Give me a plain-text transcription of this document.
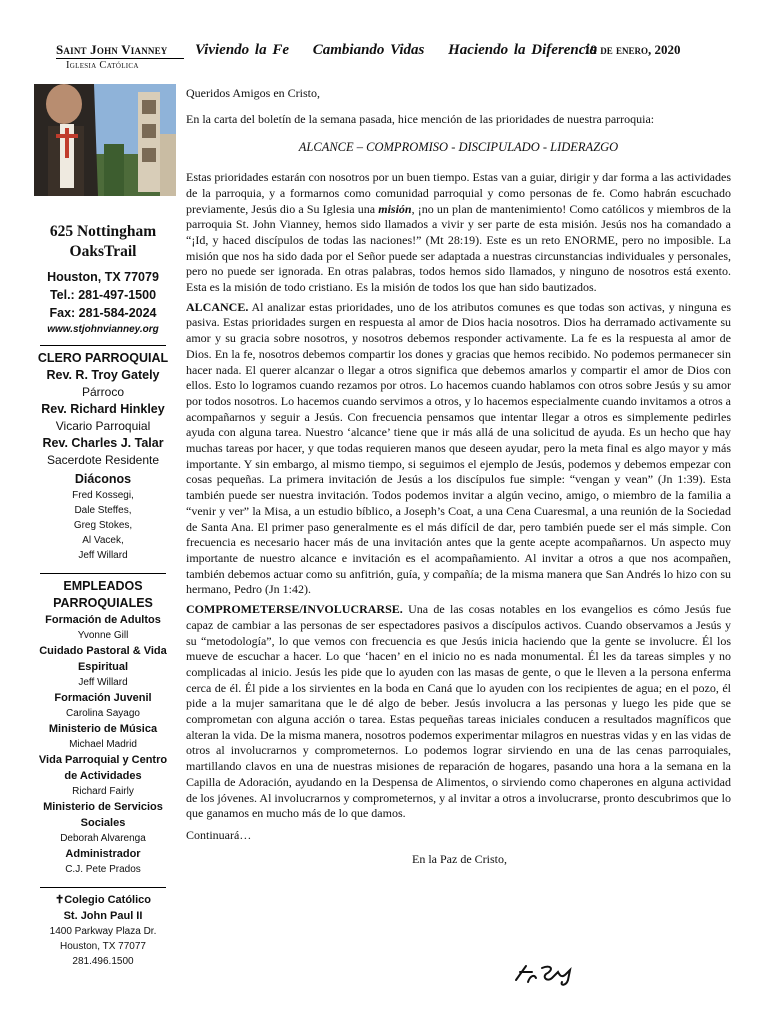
Saint John Vianney
Iglesia Católica
Viviendo la Fe Cambiando Vidas Haciendo la Diferencia
19 de enero, 2020
625 Nottingham
OaksTrail
Houston, TX 77079
Tel.: 281-497-1500
Fax: 281-584-2024
www.stjohnvianney.org
CLERO PARROQUIAL
Rev. R. Troy Gately
Párroco
Rev. Richard Hinkley
Vicario Parroquial
Rev. Charles J. Talar
Sacerdote Residente
Diáconos
Fred Kossegi,
Dale Steffes,
Greg Stokes,
Al Vacek,
Jeff Willard
EMPLEADOS
PARROQUIALES
Formación de Adultos
Yvonne Gill
Cuidado Pastoral & Vida Espiritual
Jeff Willard
Formación Juvenil
Carolina Sayago
Ministerio de Música
Michael Madrid
Vida Parroquial y Centro de Actividades
Richard Fairly
Ministerio de Servicios Sociales
Deborah Alvarenga
Administrador
C.J. Pete Prados
✝Colegio Católico
St. John Paul II
1400 Parkway Plaza Dr.
Houston, TX 77077
281.496.1500

Queridos Amigos en Cristo,

En la carta del boletín de la semana pasada, hice mención de las prioridades de nuestra parroquia:

ALCANCE – COMPROMISO - DISCIPULADO - LIDERAZGO

Estas prioridades estarán con nosotros por un buen tiempo. Estas van a guiar, dirigir y dar forma a las actividades de la parroquia, y a formarnos como comunidad parroquial y como personas de fe. Como habrán escuchado previamente, Jesús dio a Su Iglesia una misión, ¡no un plan de mantenimiento! Como católicos y miembros de la parroquia St. John Vianney, hemos sido llamados a vivir y ser parte de esta misión. Jesús nos ha comandado a “¡Id, y haced discípulos de todas las naciones!” (Mt 28:19). Este es un reto ENORME, pero no imposible. La misión que nos ha sido dada por el Señor puede ser adaptada a nuestras circunstancias individuales y personales, pero no puede ser ignorada. En otras palabras, todos hemos sido llamados, y ninguno de nosotros está exento. Esta es la misión de todo cristiano. Es la misión de todos los que han sido bautizados.

ALCANCE. Al analizar estas prioridades, uno de los atributos comunes es que todas son activas, y ninguna es pasiva. Estas prioridades surgen en respuesta al amor de Dios hacia nosotros. Dios ha derramado activamente su amor y su gracia sobre nosotros, y nosotros debemos responder activamente. La fe es la respuesta al amor de Dios. En la fe, nosotros debemos compartir los dones y gracias que hemos recibido. No podemos permanecer sin hacer nada. El querer alcanzar o llegar a otros significa que debemos amarlos y compartir el amor de Dios con ellos. Esto lo logramos cuando rezamos por otros. Lo hacemos cuando hablamos con otros sobre Jesús y su amor por todos nosotros. Lo hacemos cuando servimos a otros, y lo hacemos especialmente cuando invitamos a otros a acompañarnos y seguir a Jesús. Con frecuencia pensamos que intentar llegar a otros es simplemente pedirles ayuda con alguna tarea. Nuestro ‘alcance’ tiene que ir más allá de una solicitud de ayuda. Es un hecho que hay muchas tareas por hacer, y que todas requieren manos que deseen ayudar, pero la meta final es algo mayor y más importante. Y sin embargo, al mismo tiempo, si seguimos el ejemplo de Jesús, podemos y debemos empezar con cosas pequeñas. La primera invitación de Jesús a los discípulos fue simple: “vengan y vean” (Jn 1:39). Esta también puede ser nuestra invitación. Todos podemos invitar a algún vecino, amigo, o miembro de la familia a “venir y ver” la Misa, a un estudio bíblico, a Joseph’s Coat, a una Cena Cuaresmal, a una reunión de la Sociedad de Santa Ana. El primer paso generalmente es el más difícil de dar, pero también puede ser el más simple. Con frecuencia es necesario hacer más de una invitación antes que la gente acepte acompañarnos. Un aspecto muy importante de nuestro alcance e invitación es el acompañamiento. Al invitar a otros a que nos acompañen, también debemos actuar como su anfitrión, guía, y compañía; de la misma manera que San Andrés lo hizo con su hermano, Pedro (Jn 1:42).

COMPROMETERSE/INVOLUCRARSE. Una de las cosas notables en los evangelios es cómo Jesús fue capaz de cambiar a las personas de ser espectadores pasivos a discípulos activos. Cuando observamos a Jesús y su “metodología”, lo que vemos con frecuencia es que Jesús inicia haciendo que la gente se involucre. Él los mueve de escuchar a hacer. Lo que ‘hacen’ en el inicio no es nada monumental. Él les da tareas simples y no complicadas al inicio. Jesús les pide que lo ayuden con las masas de gente, o que le lleven a la persona enferma cerca de él. Él pide a los sirvientes en la boda en Caná que lo ayuden con los recipientes de agua; en el pozo, él pide a la mujer samaritana que le dé algo de beber. Jesús involucra a las personas y luego les pide que se comprometan con alguna acción o tarea. Estas pequeñas tareas iniciales conducen a resultados magníficos que alteran la vida. De la misma manera, nosotros podemos experimentar milagros en nuestras vidas y en las vidas de otros al involucrarnos y comprometernos. Lo podemos lograr sirviendo en una de las cenas parroquiales, martillando clavos en una de nuestras misiones de reparación de hogares, pasando una hora a la semana en la Capilla de Adoración, ayudando en la Despensa de Alimentos, o sirviendo como chaperones en alguna actividad de los jóvenes. Al involucrarnos y comprometernos, y al invitar a otros a involucrarse, pronto descubrimos que lo que ganamos en mucho más de lo que damos.

Continuará…

En la Paz de Cristo,
